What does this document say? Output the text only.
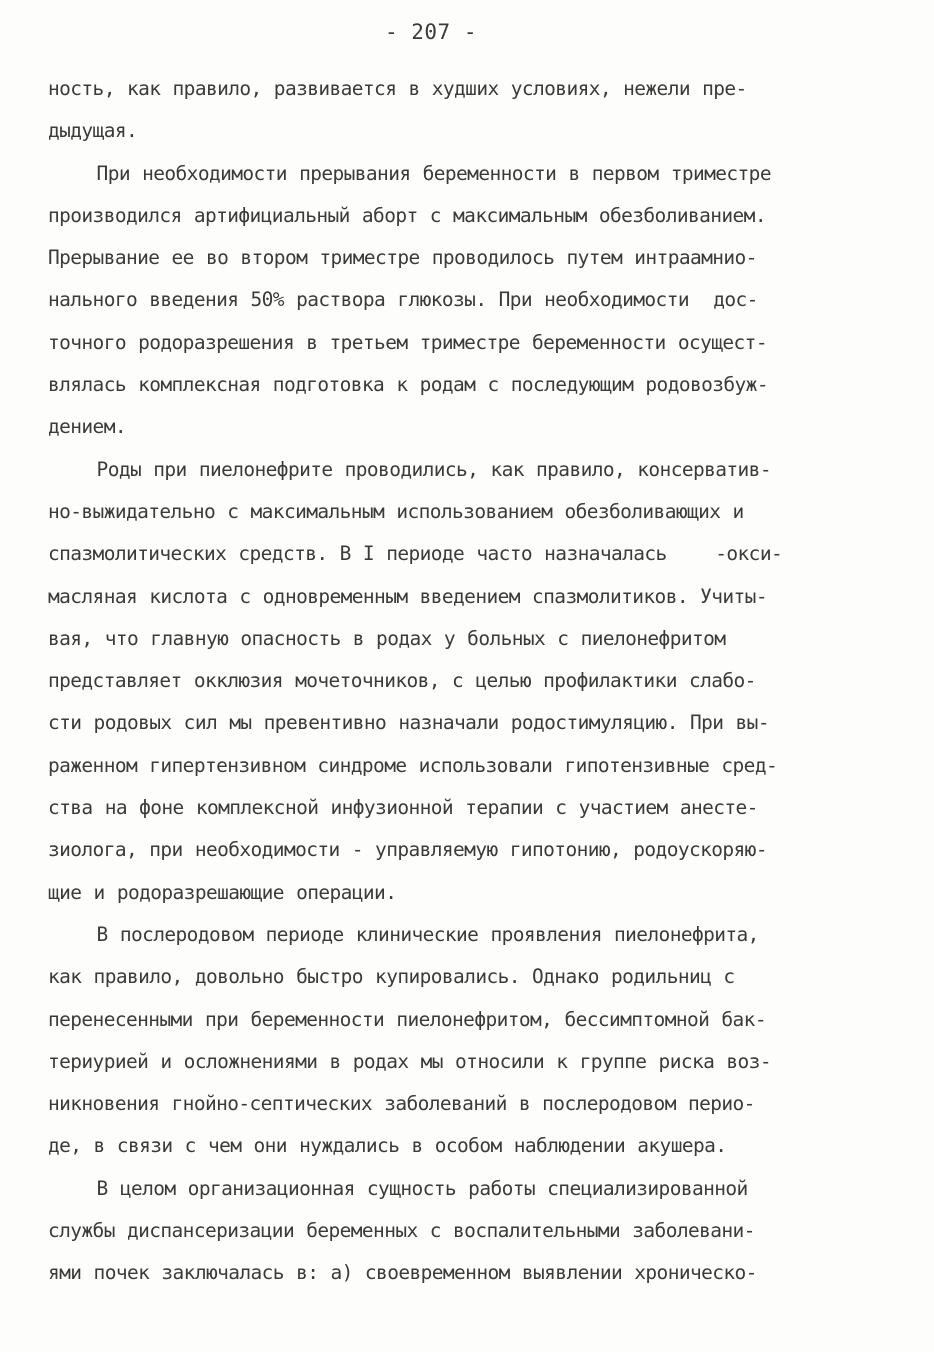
- 207 -
ность, как правило, развивается в худших условиях, нежели пре-
дыдущая.
При необходимости прерывания беременности в первом триместре
производился артифициальный аборт с максимальным обезболиванием.
Прерывание ее во втором триместре проводилось путем интраамнио-
нального введения 50% раствора глюкозы. При необходимости  дос-
точного родоразрешения в третьем триместре беременности осущест-
влялась комплексная подготовка к родам с последующим родовозбуж-
дением.
Роды при пиелонефрите проводились, как правило, консерватив-
но-выжидательно с максимальным использованием обезболивающих и
спазмолитических средств. В I периоде часто назначалась    -окси-
масляная кислота с одновременным введением спазмолитиков. Учиты-
вая, что главную опасность в родах у больных с пиелонефритом
представляет окклюзия мочеточников, с целью профилактики слабо-
сти родовых сил мы превентивно назначали родостимуляцию. При вы-
раженном гипертензивном синдроме использовали гипотензивные сред-
ства на фоне комплексной инфузионной терапии с участием анесте-
зиолога, при необходимости - управляемую гипотонию, родоускоряю-
щие и родоразрешающие операции.
В послеродовом периоде клинические проявления пиелонефрита,
как правило, довольно быстро купировались. Однако родильниц с
перенесенными при беременности пиелонефритом, бессимптомной бак-
териурией и осложнениями в родах мы относили к группе риска воз-
никновения гнойно-септических заболеваний в послеродовом перио-
де, в связи с чем они нуждались в особом наблюдении акушера.
В целом организационная сущность работы специализированной
службы диспансеризации беременных с воспалительными заболевани-
ями почек заключалась в: а) своевременном выявлении хроническо-
